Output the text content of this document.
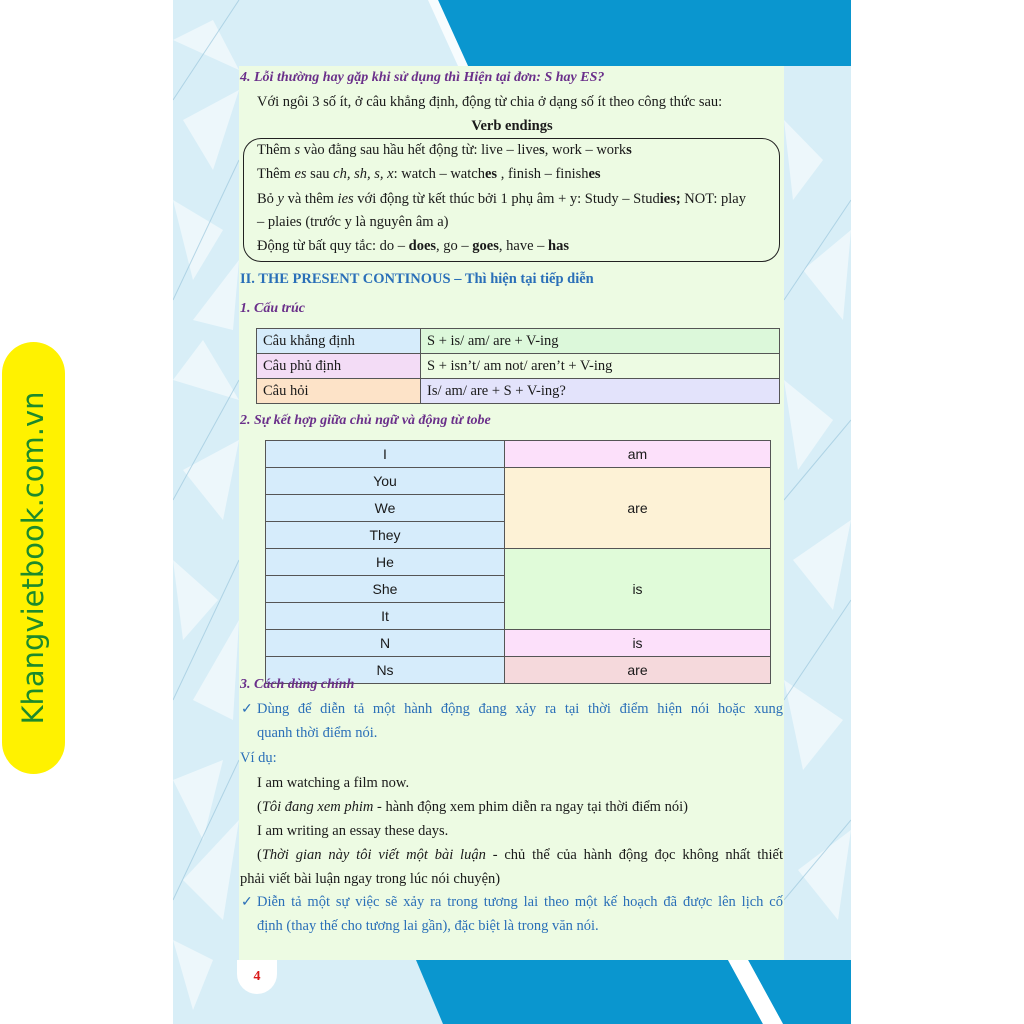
4
Khangvietbook.com.vn
4. Lỗi thường hay gặp khi sử dụng thì Hiện tại đơn: S hay ES?
Với ngôi 3 số ít, ở câu khẳng định, động từ chia ở dạng số ít theo công thức sau:
Verb endings
Thêm s vào đằng sau hầu hết động từ: live – lives, work – works
Thêm es sau ch, sh, s, x: watch – watches , finish – finishes
Bỏ y và thêm ies với động từ kết thúc bởi 1 phụ âm + y: Study – Studies; NOT: play
– plaies (trước y là nguyên âm a)
Động từ bất quy tắc: do – does, go – goes, have – has
II. THE PRESENT CONTINOUS – Thì hiện tại tiếp diễn
1. Cấu trúc
Câu khẳng định	S + is/ am/ are + V-ing
Câu phủ định	S + isn’t/ am not/ aren’t + V-ing
Câu hỏi	Is/ am/ are + S + V-ing?
2. Sự kết hợp giữa chủ ngữ và động từ tobe
I	am
You	are
We	
They	
He	is
She	
It	
N	is
Ns	are
3. Cách dùng chính
✓ Dùng để diễn tả một hành động đang xảy ra tại thời điểm hiện nói hoặc xung
quanh thời điểm nói.
Ví dụ:
I am watching a film now.
(Tôi đang xem phim - hành động xem phim diễn ra ngay tại thời điểm nói)
I am writing an essay these days.
(Thời gian này tôi viết một bài luận - chủ thể của hành động đọc không nhất thiết
phải viết bài luận ngay trong lúc nói chuyện)
✓ Diễn tả một sự việc sẽ xảy ra trong tương lai theo một kế hoạch đã được lên lịch cố
định (thay thế cho tương lai gần), đặc biệt là trong văn nói.
